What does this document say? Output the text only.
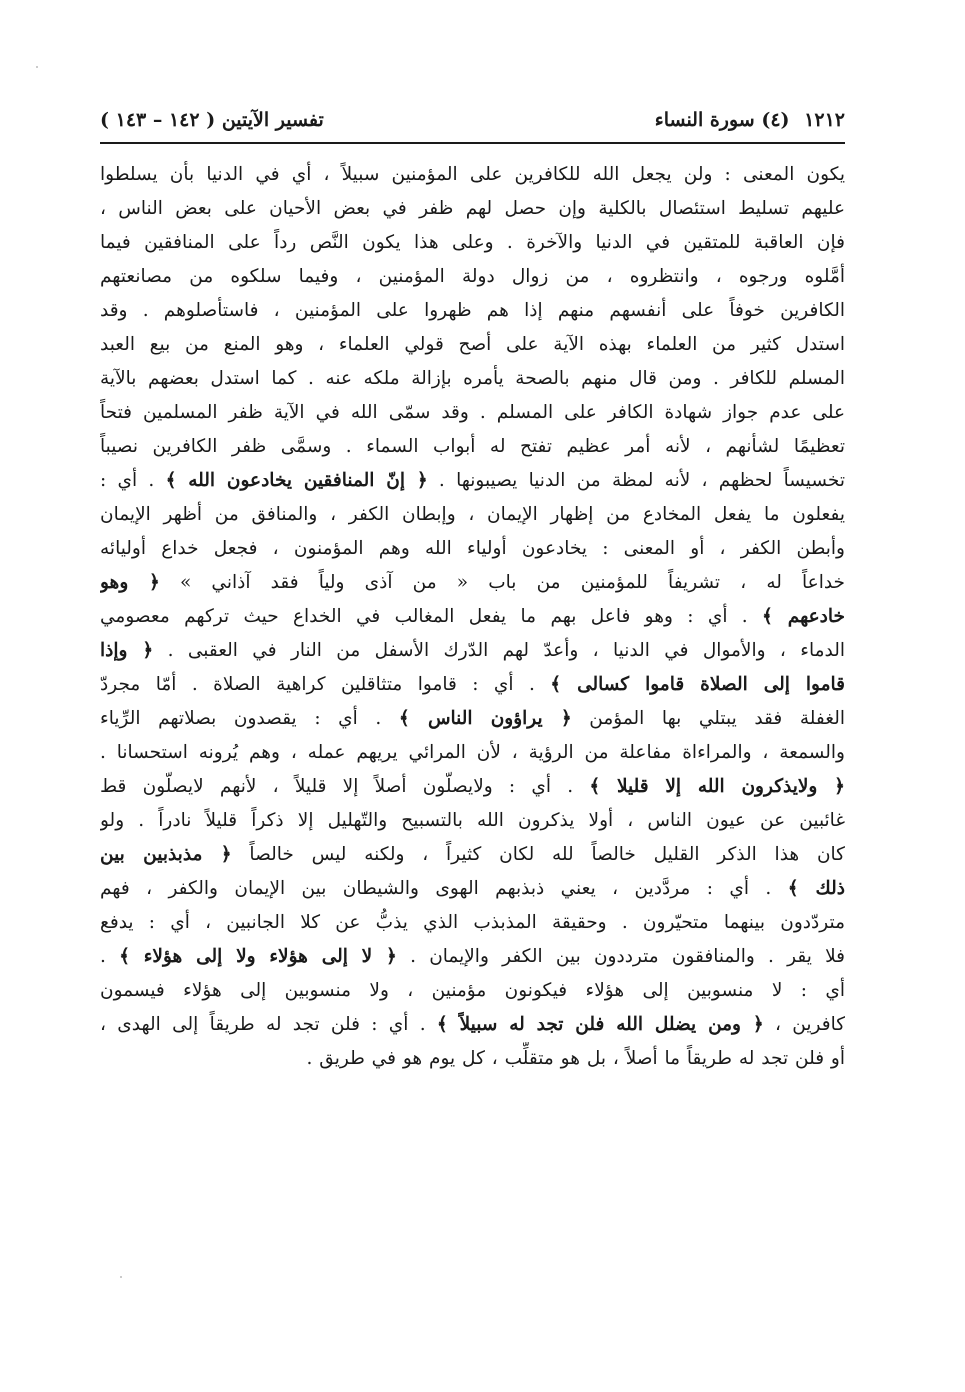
١٢١٢ (٤) سورة النساء
تفسير الآيتين ( ١٤٢ – ١٤٣ )
يكون المعنى : ولن يجعل الله للكافرين على المؤمنين سبيلاً ، أي في الدنيا بأن يسلطوا
عليهم تسليط استئصال بالكلية وإن حصل لهم ظفر في بعض الأحيان على بعض الناس ،
فإن العاقبة للمتقين في الدنيا والآخرة . وعلى هذا يكون النَّص رداً على المنافقين فيما
أمَّلوه ورجوه ، وانتظروه ، من زوال دولة المؤمنين ، وفيما سلكوه من مصانعتهم
الكافرين خوفاً على أنفسهم منهم إذا هم ظهروا على المؤمنين ، فاستأصلوهم . وقد
استدل كثير من العلماء بهذه الآية على أصح قولي العلماء ، وهو المنع من بيع العبد
المسلم للكافر . ومن قال منهم بالصحة يأمره بإزالة ملكه عنه . كما استدل بعضهم بالآية
على عدم جواز شهادة الكافر على المسلم . وقد سمّى الله في الآية ظفر المسلمين فتحاً
تعظيمًا لشأنهم ، لأنه أمر عظيم تفتح له أبواب السماء . وسمَّى ظفر الكافرين نصيباً
تخسيساً لحظهم ، لأنه لمظة من الدنيا يصيبونها . ﴿ إنّ المنافقين يخادعون الله ﴾ . أي :
يفعلون ما يفعل المخادع من إظهار الإيمان ، وإبطان الكفر ، والمنافق من أظهر الإيمان
وأبطن الكفر ، أو المعنى : يخادعون أولياء الله وهم المؤمنون ، فجعل خداع أوليائه
خداعاً له ، تشريفاً للمؤمنين من باب « من آذى ولياً فقد آذاني » ﴿ وهو
خادعهم ﴾ . أي : وهو فاعل بهم ما يفعل المغالب في الخداع حيث تركهم معصومي
الدماء ، والأموال في الدنيا ، وأعدّ لهم الدّرك الأسفل من النار في العقبى . ﴿ وإذا
قاموا إلى الصلاة قاموا كسالى ﴾ . أي : قاموا متثاقلين كراهية الصلاة . أمّا مجردّ
الغفلة فقد يبتلي بها المؤمن ﴿ يراؤون الناس ﴾ . أي : يقصدون بصلاتهم الرِّياء
والسمعة ، والمراءاة مفاعلة من الرؤية ، لأن المرائي يريهم عمله ، وهم يُرونه استحسانا .
﴿ ولايذكرون الله إلا قليلا ﴾ . أي : ولايصلّون أصلاً إلا قليلاً ، لأنهم لايصلّون قط
غائبين عن عيون الناس ، أولا يذكرون الله بالتسبيح والتّهليل إلا ذكراً قليلاً نادراً . ولو
كان هذا الذكر القليل خالصاً لله لكان كثيراً ، ولكنه ليس خالصاً ﴿ مذبذبين بين
ذلك ﴾ . أي : مردَّدين ، يعني ذبذبهم الهوى والشيطان بين الإيمان والكفر ، فهم
متردّدون بينهما متحيّرون . وحقيقة المذبذب الذي يذبُّ عن كلا الجانبين ، أي : يدفع
فلا يقر . والمنافقون مترددون بين الكفر والإيمان . ﴿ لا إلى هؤلاء ولا إلى هؤلاء ﴾ .
أي : لا منسوبين إلى هؤلاء فيكونون مؤمنين ، ولا منسوبين إلى هؤلاء فيسمون
كافرين ، ﴿ ومن يضلل الله فلن تجد له سبيلاً ﴾ . أي : فلن تجد له طريقاً إلى الهدى ،
أو فلن تجد له طريقاً ما أصلاً ، بل هو متقلِّب ، كل يوم هو في طريق .
